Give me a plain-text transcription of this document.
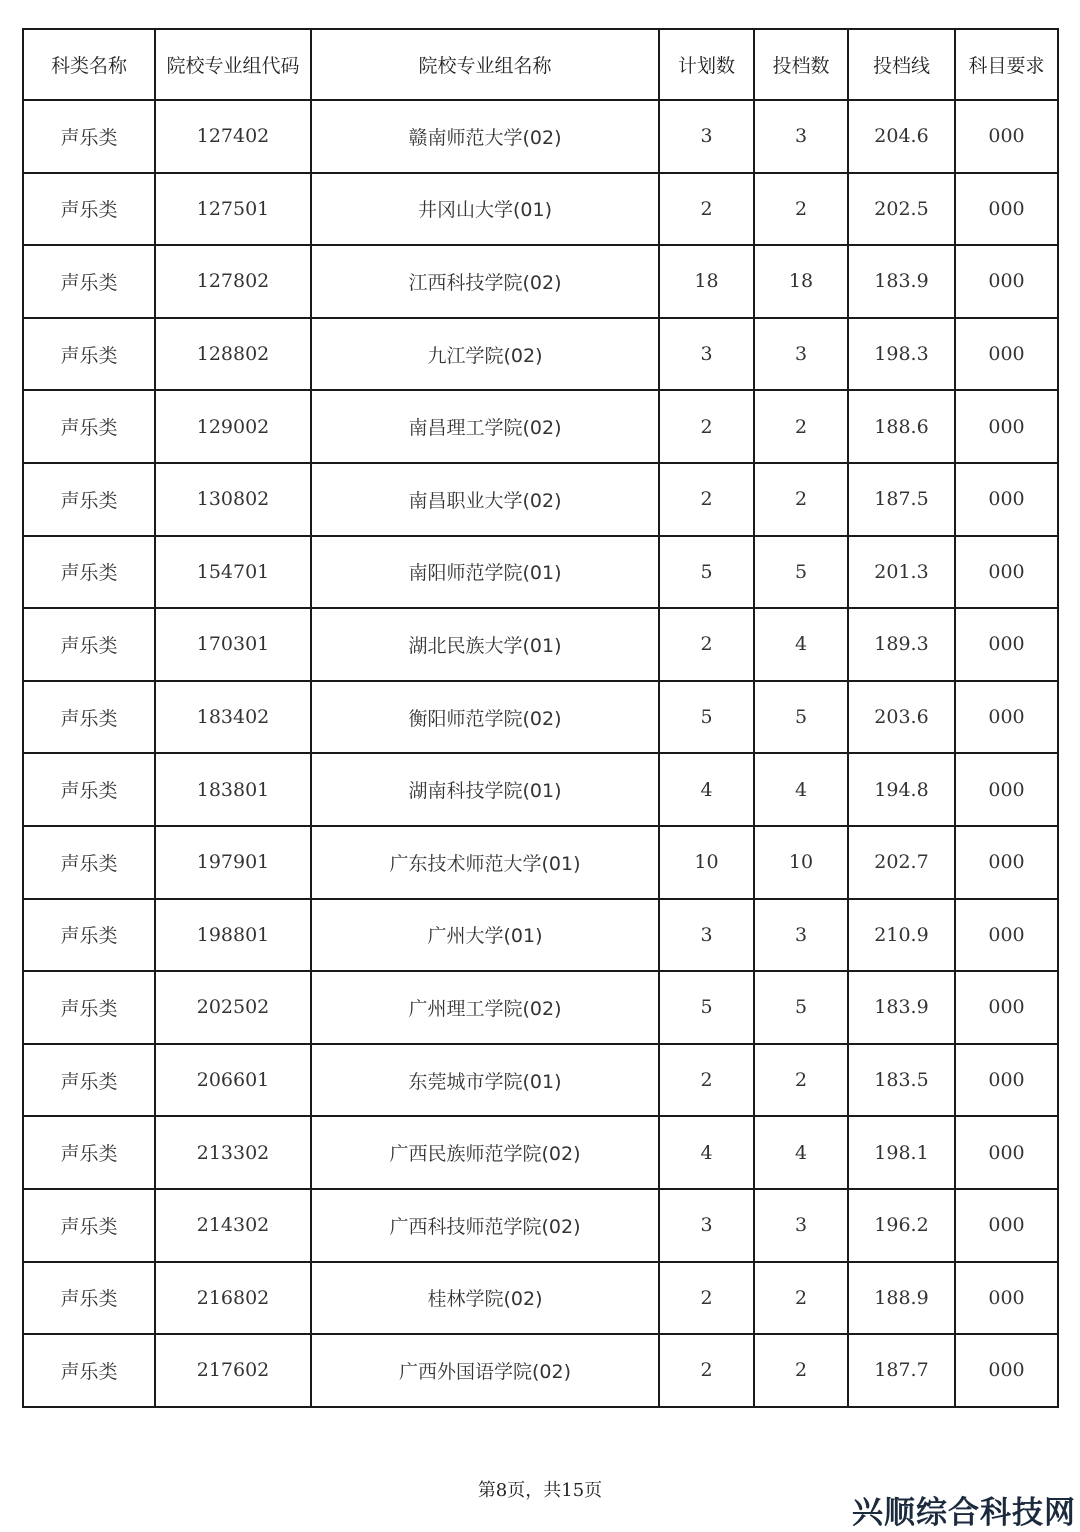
科类名称	院校专业组代码	院校专业组名称	计划数	投档数	投档线	科目要求
声乐类	127402	赣南师范大学(02)	3	3	204.6	000
声乐类	127501	井冈山大学(01)	2	2	202.5	000
声乐类	127802	江西科技学院(02)	18	18	183.9	000
声乐类	128802	九江学院(02)	3	3	198.3	000
声乐类	129002	南昌理工学院(02)	2	2	188.6	000
声乐类	130802	南昌职业大学(02)	2	2	187.5	000
声乐类	154701	南阳师范学院(01)	5	5	201.3	000
声乐类	170301	湖北民族大学(01)	2	4	189.3	000
声乐类	183402	衡阳师范学院(02)	5	5	203.6	000
声乐类	183801	湖南科技学院(01)	4	4	194.8	000
声乐类	197901	广东技术师范大学(01)	10	10	202.7	000
声乐类	198801	广州大学(01)	3	3	210.9	000
声乐类	202502	广州理工学院(02)	5	5	183.9	000
声乐类	206601	东莞城市学院(01)	2	2	183.5	000
声乐类	213302	广西民族师范学院(02)	4	4	198.1	000
声乐类	214302	广西科技师范学院(02)	3	3	196.2	000
声乐类	216802	桂林学院(02)	2	2	188.9	000
声乐类	217602	广西外国语学院(02)	2	2	187.7	000
第8页，共15页
兴顺综合科技网
